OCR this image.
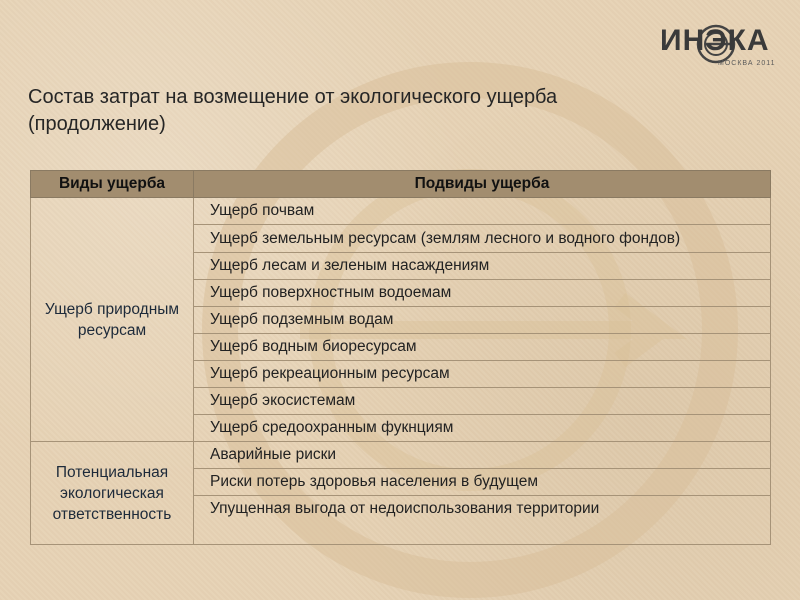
ИНЭКА
МОСКВА 2011
Состав затрат на возмещение от экологического ущерба (продолжение)
Виды ущерба	Подвиды ущерба
Ущерб природным ресурсам	Ущерб почвам
	Ущерб земельным ресурсам (землям лесного и водного фондов)
	Ущерб лесам и зеленым насаждениям
	Ущерб поверхностным водоемам
	Ущерб подземным водам
	Ущерб водным биоресурсам
	Ущерб рекреационным ресурсам
	Ущерб экосистемам
	Ущерб средоохранным фукнциям
Потенциальная экологическая ответственность	Аварийные риски
	Риски потерь здоровья населения в будущем
	Упущенная выгода от недоиспользования территории
